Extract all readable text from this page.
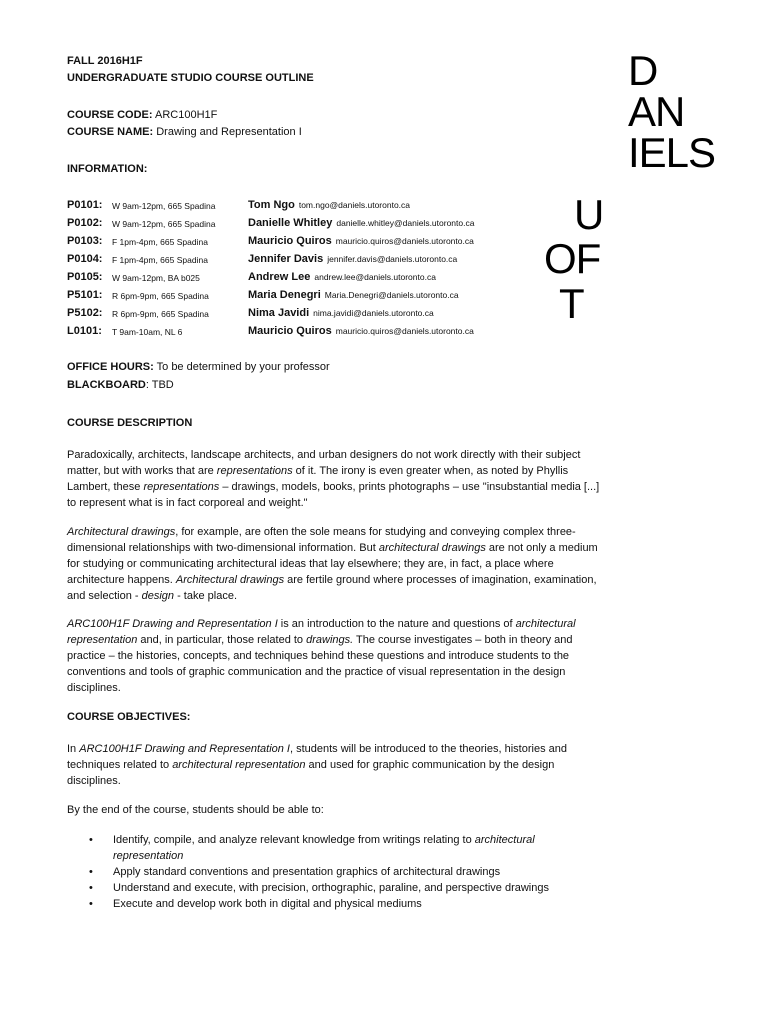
FALL 2016H1F
UNDERGRADUATE STUDIO COURSE OUTLINE
COURSE CODE: ARC100H1F
COURSE NAME: Drawing and Representation I
INFORMATION:
D
AN
IELS
U
OF
T
P0101: W 9am-12pm, 665 Spadina	Tom Ngo tom.ngo@daniels.utoronto.ca
P0102: W 9am-12pm, 665 Spadina	Danielle Whitley danielle.whitley@daniels.utoronto.ca
P0103: F 1pm-4pm, 665 Spadina	Mauricio Quiros mauricio.quiros@daniels.utoronto.ca
P0104: F 1pm-4pm, 665 Spadina	Jennifer Davis jennifer.davis@daniels.utoronto.ca
P0105: W 9am-12pm, BA b025	Andrew Lee andrew.lee@daniels.utoronto.ca
P5101: R 6pm-9pm, 665 Spadina	Maria Denegri Maria.Denegri@daniels.utoronto.ca
P5102: R 6pm-9pm, 665 Spadina	Nima Javidi nima.javidi@daniels.utoronto.ca
L0101: T 9am-10am, NL 6	Mauricio Quiros mauricio.quiros@daniels.utoronto.ca
OFFICE HOURS: To be determined by your professor
BLACKBOARD: TBD
COURSE DESCRIPTION
Paradoxically, architects, landscape architects, and urban designers do not work directly with their subject matter, but with works that are representations of it. The irony is even greater when, as noted by Phyllis Lambert, these representations – drawings, models, books, prints photographs – use "insubstantial media [...] to represent what is in fact corporeal and weight."
Architectural drawings, for example, are often the sole means for studying and conveying complex three-dimensional relationships with two-dimensional information. But architectural drawings are not only a medium for studying or communicating architectural ideas that lay elsewhere; they are, in fact, a place where architecture happens. Architectural drawings are fertile ground where processes of imagination, examination, and selection - design - take place.
ARC100H1F Drawing and Representation I is an introduction to the nature and questions of architectural representation and, in particular, those related to drawings. The course investigates – both in theory and practice – the histories, concepts, and techniques behind these questions and introduce students to the conventions and tools of graphic communication and the practice of visual representation in the design disciplines.
COURSE OBJECTIVES:
In ARC100H1F Drawing and Representation I, students will be introduced to the theories, histories and techniques related to architectural representation and used for graphic communication by the design disciplines.
By the end of the course, students should be able to:
• Identify, compile, and analyze relevant knowledge from writings relating to architectural representation
• Apply standard conventions and presentation graphics of architectural drawings
• Understand and execute, with precision, orthographic, paraline, and perspective drawings
• Execute and develop work both in digital and physical mediums
